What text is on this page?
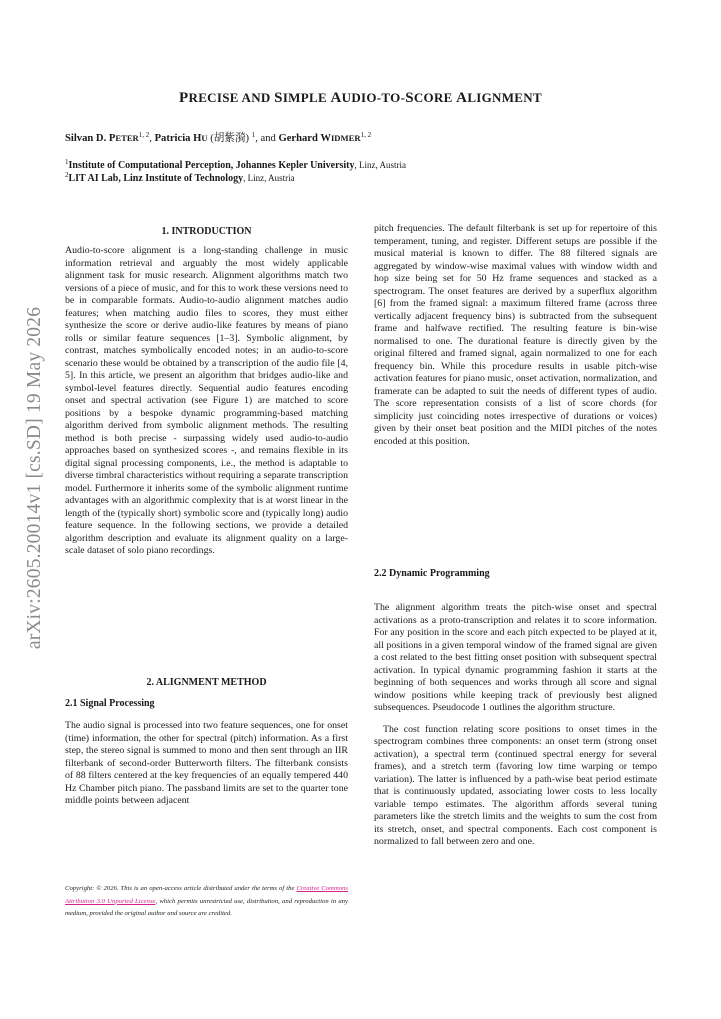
arXiv:2605.20014v1 [cs.SD] 19 May 2026
PRECISE AND SIMPLE AUDIO-TO-SCORE ALIGNMENT
Silvan D. PETER$^{1, 2}$, Patricia HU (胡紫漪) $^1$, and Gerhard WIDMER$^{1, 2}$
$^1$Institute of Computational Perception, Johannes Kepler University, Linz, Austria
$^2$LIT AI Lab, Linz Institute of Technology, Linz, Austria
1. INTRODUCTION

Audio-to-score alignment is a long-standing challenge in music information retrieval and arguably the most widely applicable alignment task for music research. Alignment algorithms match two versions of a piece of music, and for this to work these versions need to be in comparable formats. Audio-to-audio alignment matches audio features; when matching audio files to scores, they must either synthesize the score or derive audio-like features by means of piano rolls or similar feature sequences [1–3]. Symbolic alignment, by contrast, matches symbolically encoded notes; in an audio-to-score scenario these would be obtained by a transcription of the audio file [4, 5]. In this article, we present an algorithm that bridges audio-like and symbol-level features directly. Sequential audio features encoding onset and spectral activation (see Figure 1) are matched to score positions by a bespoke dynamic programming-based matching algorithm derived from symbolic alignment methods. The resulting method is both precise - surpassing widely used audio-to-audio approaches based on synthesized scores -, and remains flexible in its digital signal processing components, i.e., the method is adaptable to diverse timbral characteristics without requiring a separate transcription model. Furthermore it inherits some of the symbolic alignment runtime advantages with an algorithmic complexity that is at worst linear in the length of the (typically short) symbolic score and (typically long) audio feature sequence. In the following sections, we provide a detailed algorithm description and evaluate its alignment quality on a large-scale dataset of solo piano recordings.

2. ALIGNMENT METHOD
2.1 Signal Processing

The audio signal is processed into two feature sequences, one for onset (time) information, the other for spectral (pitch) information. As a first step, the stereo signal is summed to mono and then sent through an IIR filterbank of second-order Butterworth filters. The filterbank consists of 88 filters centered at the key frequencies of an equally tempered 440 Hz Chamber pitch piano. The passband limits are set to the quarter tone middle points between adjacent

Copyright: © 2026. This is an open-access article distributed under the terms of the Creative Commons Attribution 3.0 Unported License, which permits unrestricted use, distribution, and reproduction in any medium, provided the original author and source are credited.

pitch frequencies. The default filterbank is set up for repertoire of this temperament, tuning, and register. Different setups are possible if the musical material is known to differ. The 88 filtered signals are aggregated by window-wise maximal values with window width and hop size being set for 50 Hz frame sequences and stacked as a spectrogram. The onset features are derived by a superflux algorithm [6] from the framed signal: a maximum filtered frame (across three vertically adjacent frequency bins) is subtracted from the subsequent frame and halfwave rectified. The resulting feature is bin-wise normalised to one. The durational feature is directly given by the original filtered and framed signal, again normalized to one for each frequency bin. While this procedure results in usable pitch-wise activation features for piano music, onset activation, normalization, and framerate can be adapted to suit the needs of different types of audio. The score representation consists of a list of score chords (for simplicity just coinciding notes irrespective of durations or voices) given by their onset beat position and the MIDI pitches of the notes encoded at this position.

2.2 Dynamic Programming

The alignment algorithm treats the pitch-wise onset and spectral activations as a proto-transcription and relates it to score information. For any position in the score and each pitch expected to be played at it, all positions in a given temporal window of the framed signal are given a cost related to the best fitting onset position with subsequent spectral activation. In typical dynamic programming fashion it starts at the beginning of both sequences and works through all score and signal window positions while keeping track of previously best aligned subsequences. Pseudocode 1 outlines the algorithm structure.

The cost function relating score positions to onset times in the spectrogram combines three components: an onset term (strong onset activation), a spectral term (continued spectral energy for several frames), and a stretch term (favoring low time warping or tempo variation). The latter is influenced by a path-wise beat period estimate that is continuously updated, associating lower costs to less locally variable tempo estimates. The algorithm affords several tuning parameters like the stretch limits and the weights to sum the cost from its stretch, onset, and spectral components. Each cost component is normalized to fall between zero and one.
